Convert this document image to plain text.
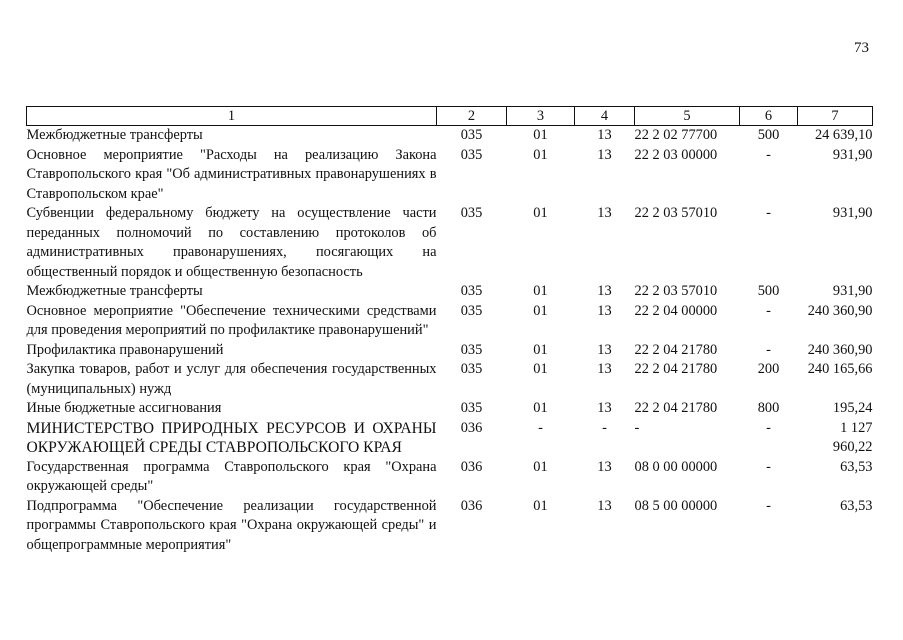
73
1	2	3	4	5	6	7
Межбюджетные трансферты	035	01	13	22 2 02 77700	500	24 639,10
Основное мероприятие "Расходы на реализацию Закона Ставропольского края "Об административных правонарушениях в Ставропольском крае"	035	01	13	22 2 03 00000	-	931,90
Субвенции федеральному бюджету на осуществление части переданных полномочий по составлению протоколов об административных правонарушениях, посягающих на общественный порядок и общественную безопасность	035	01	13	22 2 03 57010	-	931,90
Межбюджетные трансферты	035	01	13	22 2 03 57010	500	931,90
Основное мероприятие "Обеспечение техническими средствами для проведения мероприятий по профилактике правонарушений"	035	01	13	22 2 04 00000	-	240 360,90
Профилактика правонарушений	035	01	13	22 2 04 21780	-	240 360,90
Закупка товаров, работ и услуг для обеспечения государственных (муниципальных) нужд	035	01	13	22 2 04 21780	200	240 165,66
Иные бюджетные ассигнования	035	01	13	22 2 04 21780	800	195,24
МИНИСТЕРСТВО ПРИРОДНЫХ РЕСУРСОВ И ОХРАНЫ ОКРУЖАЮЩЕЙ СРЕДЫ СТАВРОПОЛЬСКОГО КРАЯ	036	-	-	-	-	1 127 960,22
Государственная программа Ставропольского края "Охрана окружающей среды"	036	01	13	08 0 00 00000	-	63,53
Подпрограмма "Обеспечение реализации государственной программы Ставропольского края "Охрана окружающей среды" и общепрограммные мероприятия"	036	01	13	08 5 00 00000	-	63,53
